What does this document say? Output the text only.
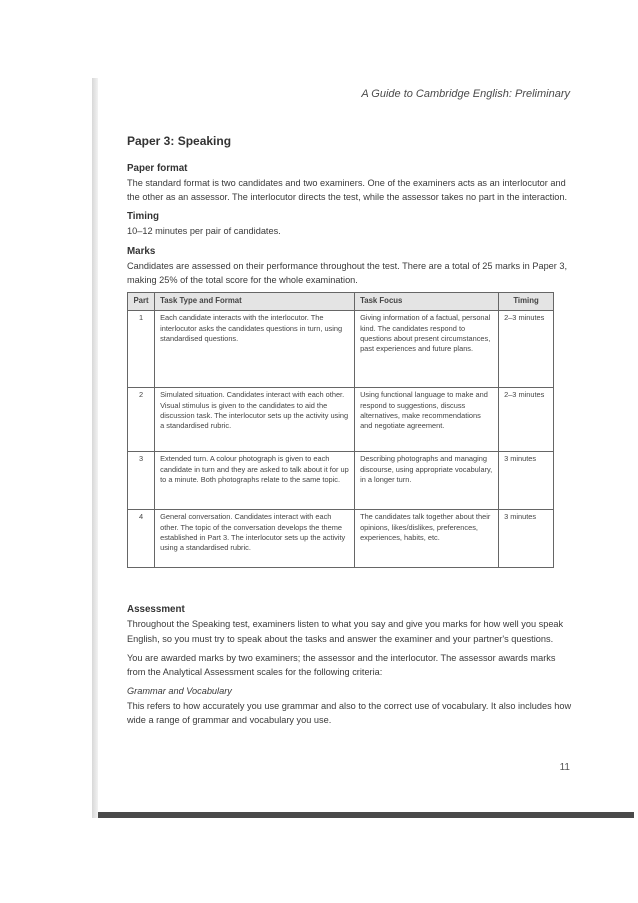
A Guide to Cambridge English: Preliminary
Paper 3: Speaking
Paper format

The standard format is two candidates and two examiners. One of the examiners acts as an interlocutor and the other as an assessor. The interlocutor directs the test, while the assessor takes no part in the interaction.

Timing

10–12 minutes per pair of candidates.

Marks

Candidates are assessed on their performance throughout the test. There are a total of 25 marks in Paper 3, making 25% of the total score for the whole examination.

Part	Task Type and Format	Task Focus	Timing
1	Each candidate interacts with the interlocutor. The interlocutor asks the candidates questions in turn, using standardised questions.	Giving information of a factual, personal kind. The candidates respond to questions about present circumstances, past experiences and future plans.	2–3 minutes
2	Simulated situation. Candidates interact with each other. Visual stimulus is given to the candidates to aid the discussion task. The interlocutor sets up the activity using a standardised rubric.	Using functional language to make and respond to suggestions, discuss alternatives, make recommendations and negotiate agreement.	2–3 minutes
3	Extended turn. A colour photograph is given to each candidate in turn and they are asked to talk about it for up to a minute. Both photographs relate to the same topic.	Describing photographs and managing discourse, using appropriate vocabulary, in a longer turn.	3 minutes
4	General conversation. Candidates interact with each other. The topic of the conversation develops the theme established in Part 3. The interlocutor sets up the activity using a standardised rubric.	The candidates talk together about their opinions, likes/dislikes, preferences, experiences, habits, etc.	3 minutes
Assessment

Throughout the Speaking test, examiners listen to what you say and give you marks for how well you speak English, so you must try to speak about the tasks and answer the examiner and your partner's questions.

You are awarded marks by two examiners; the assessor and the interlocutor. The assessor awards marks from the Analytical Assessment scales for the following criteria:

Grammar and Vocabulary

This refers to how accurately you use grammar and also to the correct use of vocabulary. It also includes how wide a range of grammar and vocabulary you use.

11
